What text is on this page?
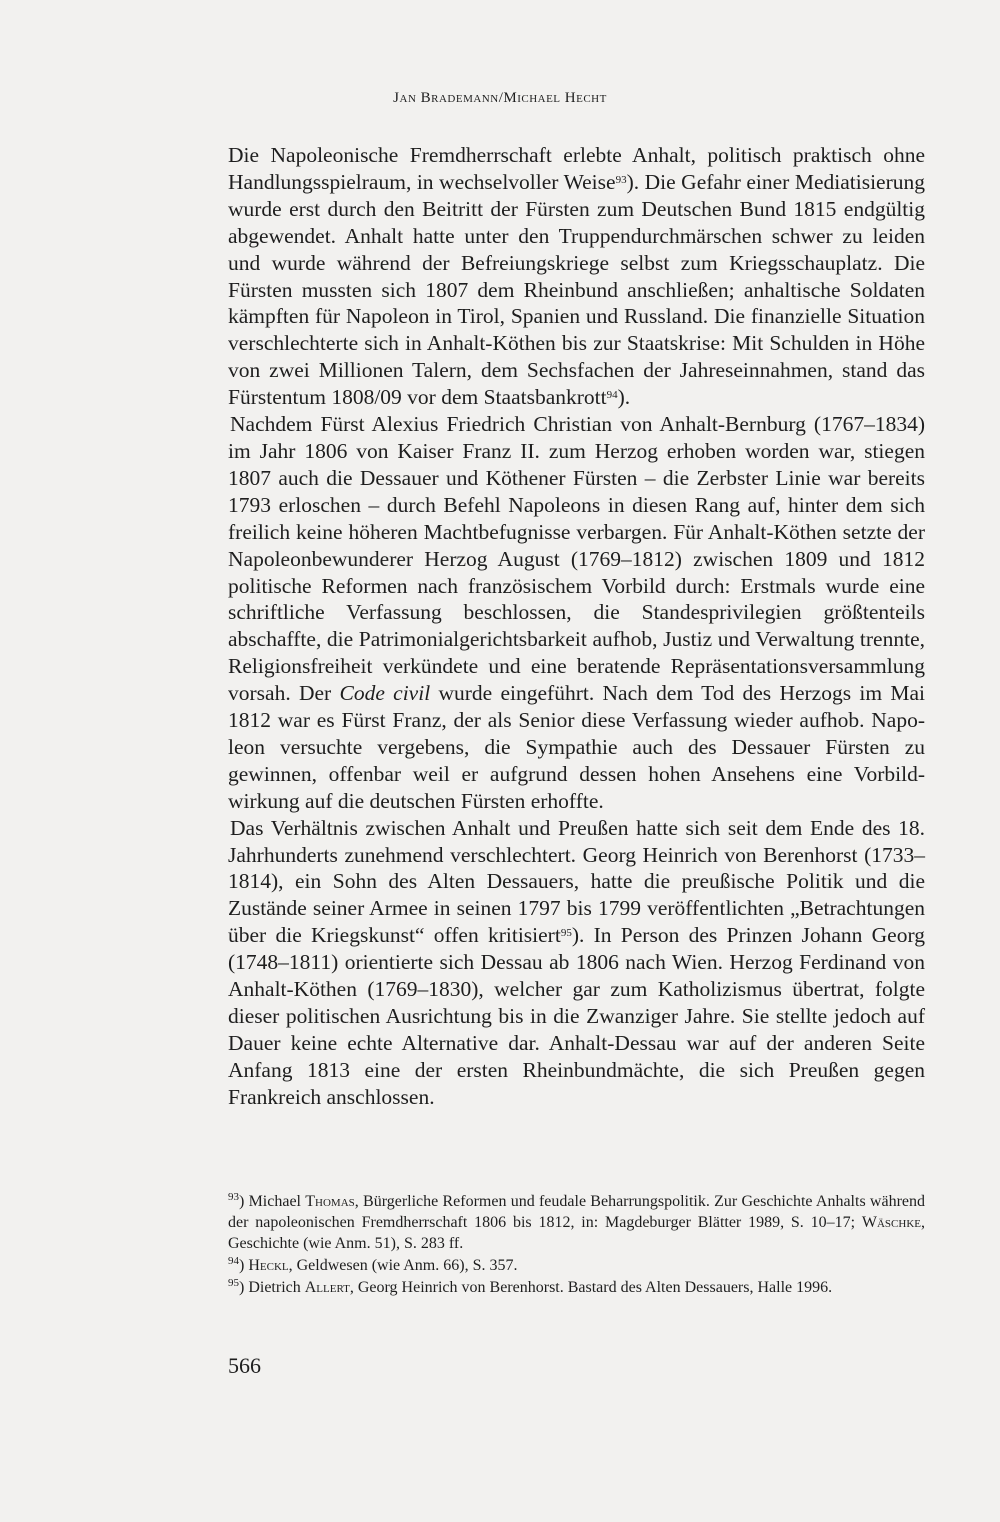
Jan Brademann/Michael Hecht

Die Napoleonische Fremdherrschaft erlebte Anhalt, politisch praktisch ohne Handlungsspielraum, in wechselvoller Weise$^{93}$). Die Gefahr einer Mediatisierung wurde erst durch den Beitritt der Fürsten zum Deutschen Bund 1815 endgültig abgewendet. Anhalt hatte unter den Truppendurchmärschen schwer zu leiden und wurde während der Befreiungskriege selbst zum Kriegsschauplatz. Die Fürsten mussten sich 1807 dem Rheinbund anschließen; anhaltische Soldaten kämpften für Napoleon in Tirol, Spanien und Russland. Die finanzielle Situation verschlechterte sich in Anhalt-Köthen bis zur Staatskrise: Mit Schulden in Höhe von zwei Millionen Talern, dem Sechsfachen der Jahreseinnahmen, stand das Fürstentum 1808/09 vor dem Staatsbankrott$^{94}$).

Nachdem Fürst Alexius Friedrich Christian von Anhalt-Bernburg (1767–1834) im Jahr 1806 von Kaiser Franz II. zum Herzog erhoben worden war, stiegen 1807 auch die Dessauer und Köthener Fürsten – die Zerbster Linie war bereits 1793 erloschen – durch Befehl Napoleons in diesen Rang auf, hinter dem sich freilich keine höheren Machtbefugnisse verbargen. Für Anhalt-Köthen setzte der Napoleonbewunderer Herzog August (1769–1812) zwischen 1809 und 1812 politische Reformen nach französischem Vorbild durch: Erstmals wurde eine schriftliche Verfassung beschlossen, die Standesprivilegien größtenteils abschaffte, die Patrimonialgerichtsbarkeit aufhob, Justiz und Verwaltung trennte, Religionsfreiheit verkündete und eine beratende Repräsentationsversammlung vorsah. Der Code civil wurde eingeführt. Nach dem Tod des Herzogs im Mai 1812 war es Fürst Franz, der als Senior diese Verfassung wieder aufhob. Napoleon versuchte vergebens, die Sympathie auch des Dessauer Fürsten zu gewinnen, offenbar weil er aufgrund dessen hohen Ansehens eine Vorbildwirkung auf die deutschen Fürsten erhoffte.

Das Verhältnis zwischen Anhalt und Preußen hatte sich seit dem Ende des 18. Jahrhunderts zunehmend verschlechtert. Georg Heinrich von Berenhorst (1733–1814), ein Sohn des Alten Dessauers, hatte die preußische Politik und die Zustände seiner Armee in seinen 1797 bis 1799 veröffentlichten „Betrachtungen über die Kriegskunst“ offen kritisiert$^{95}$). In Person des Prinzen Johann Georg (1748–1811) orientierte sich Dessau ab 1806 nach Wien. Herzog Ferdinand von Anhalt-Köthen (1769–1830), welcher gar zum Katholizismus übertrat, folgte dieser politischen Ausrichtung bis in die Zwanziger Jahre. Sie stellte jedoch auf Dauer keine echte Alternative dar. Anhalt-Dessau war auf der anderen Seite Anfang 1813 eine der ersten Rheinbundmächte, die sich Preußen gegen Frankreich anschlossen.

$^{93}$) Michael Thomas, Bürgerliche Reformen und feudale Beharrungspolitik. Zur Geschichte Anhalts während der napoleonischen Fremdherrschaft 1806 bis 1812, in: Magdeburger Blätter 1989, S. 10–17; Wäschke, Geschichte (wie Anm. 51), S. 283 ff.

$^{94}$) Heckl, Geldwesen (wie Anm. 66), S. 357.

$^{95}$) Dietrich Allert, Georg Heinrich von Berenhorst. Bastard des Alten Dessauers, Halle 1996.

566
